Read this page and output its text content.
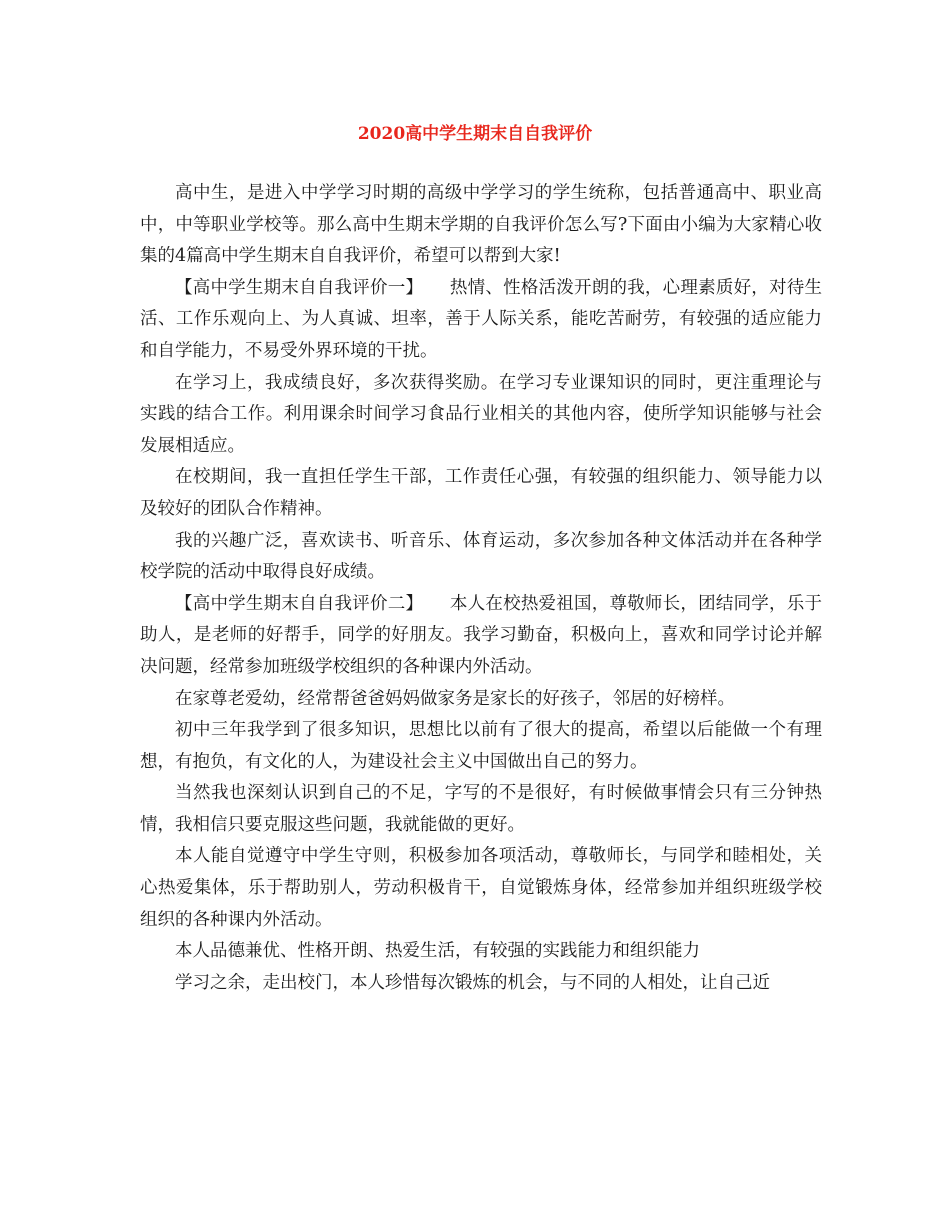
2020高中学生期末自自我评价

高中生，是进入中学学习时期的高级中学学习的学生统称，包括普通高中、职业高中，中等职业学校等。那么高中生期末学期的自我评价怎么写?下面由小编为大家精心收集的4篇高中学生期末自自我评价，希望可以帮到大家!

【高中学生期末自自我评价一】　　热情、性格活泼开朗的我，心理素质好，对待生活、工作乐观向上、为人真诚、坦率，善于人际关系，能吃苦耐劳，有较强的适应能力和自学能力，不易受外界环境的干扰。

在学习上，我成绩良好，多次获得奖励。在学习专业课知识的同时，更注重理论与实践的结合工作。利用课余时间学习食品行业相关的其他内容，使所学知识能够与社会发展相适应。

在校期间，我一直担任学生干部，工作责任心强，有较强的组织能力、领导能力以及较好的团队合作精神。

我的兴趣广泛，喜欢读书、听音乐、体育运动，多次参加各种文体活动并在各种学校学院的活动中取得良好成绩。

【高中学生期末自自我评价二】　　本人在校热爱祖国，尊敬师长，团结同学，乐于助人，是老师的好帮手，同学的好朋友。我学习勤奋，积极向上，喜欢和同学讨论并解决问题，经常参加班级学校组织的各种课内外活动。

在家尊老爱幼，经常帮爸爸妈妈做家务是家长的好孩子，邻居的好榜样。

初中三年我学到了很多知识，思想比以前有了很大的提高，希望以后能做一个有理想，有抱负，有文化的人，为建设社会主义中国做出自己的努力。

当然我也深刻认识到自己的不足，字写的不是很好，有时候做事情会只有三分钟热情，我相信只要克服这些问题，我就能做的更好。

本人能自觉遵守中学生守则，积极参加各项活动，尊敬师长，与同学和睦相处，关心热爱集体，乐于帮助别人，劳动积极肯干，自觉锻炼身体，经常参加并组织班级学校组织的各种课内外活动。

本人品德兼优、性格开朗、热爱生活，有较强的实践能力和组织能力

学习之余，走出校门，本人珍惜每次锻炼的机会，与不同的人相处，让自己近
